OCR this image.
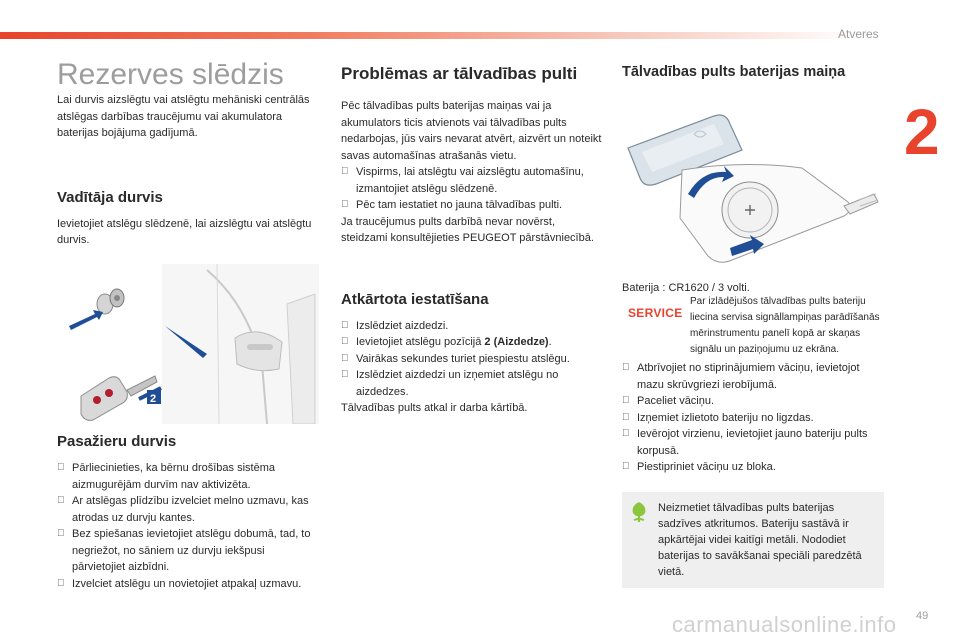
Atveres
2
49
carmanualsonline.info
Rezerves slēdzis

Lai durvis aizslēgtu vai atslēgtu mehāniski centrālās atslēgas darbības traucējumu vai akumulatora baterijas bojājuma gadījumā.

Vadītāja durvis

Ievietojiet atslēgu slēdzenē, lai aizslēgtu vai atslēgtu durvis.

2
Pasažieru durvis
Pārliecinieties, ka bērnu drošības sistēma aizmugurējām durvīm nav aktivizēta.
Ar atslēgas plīdzību izvelciet melno uzmavu, kas atrodas uz durvju kantes.
Bez spiešanas ievietojiet atslēgu dobumā, tad, to negriežot, no sāniem uz durvju iekšpusi pārvietojiet aizbīdni.
Izvelciet atslēgu un novietojiet atpakaļ uzmavu.
Problēmas ar tālvadības pulti

Pēc tālvadības pults baterijas maiņas vai ja akumulators ticis atvienots vai tālvadības pults nedarbojas, jūs vairs nevarat atvērt, aizvērt un noteikt savas automašīnas atrašanās vietu.

Vispirms, lai atslēgtu vai aizslēgtu automašīnu, izmantojiet atslēgu slēdzenē.
Pēc tam iestatiet no jauna tālvadības pulti.

Ja traucējumus pults darbībā nevar novērst, steidzami konsultējieties PEUGEOT pārstāvniecībā.

Atkārtota iestatīšana
Izslēdziet aizdedzi.
Ievietojiet atslēgu pozīcijā 2 (Aizdedze).
Vairākas sekundes turiet piespiestu atslēgu.
Izslēdziet aizdedzi un izņemiet atslēgu no aizdedzes.

Tālvadības pults atkal ir darba kārtībā.

Tālvadības pults baterijas maiņa

Baterija : CR1620 / 3 volti.

SERVICE
Par izlādējušos tālvadības pults bateriju liecina servisa signāllampiņas parādīšanās mērinstrumentu panelī kopā ar skaņas signālu un paziņojumu uz ekrāna.
Atbrīvojiet no stiprinājumiem vāciņu, ievietojot mazu skrūvgriezi ierobījumā.
Paceliet vāciņu.
Izņemiet izlietoto bateriju no ligzdas.
Ievērojot virzienu, ievietojiet jauno bateriju pults korpusā.
Piestipriniet vāciņu uz bloka.
Neizmetiet tālvadības pults baterijas sadzīves atkritumos. Bateriju sastāvā ir apkārtējai videi kaitīgi metāli. Nododiet baterijas to savākšanai speciāli paredzētā vietā.
